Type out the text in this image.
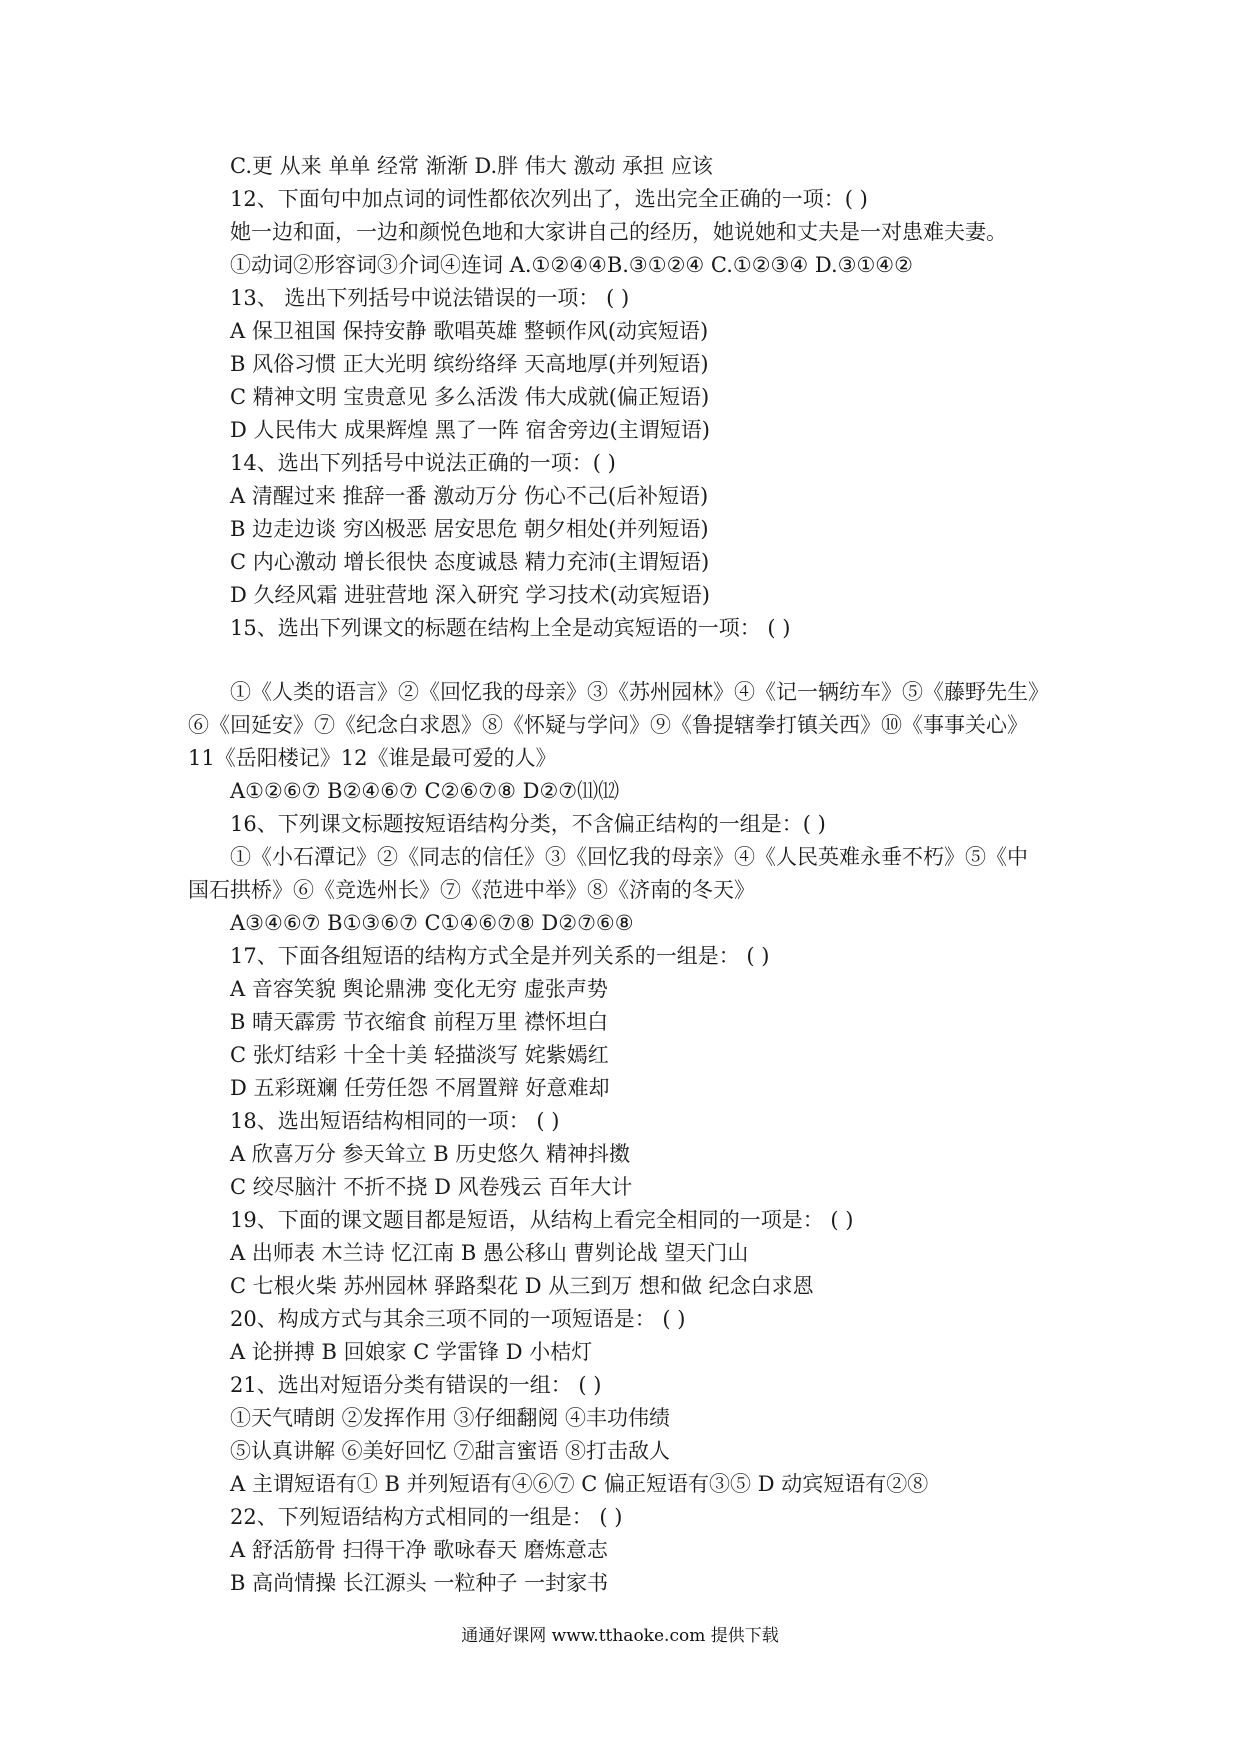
C.更 从来 单单 经常 渐渐 D.胖 伟大 激动 承担 应该
12、下面句中加点词的词性都依次列出了，选出完全正确的一项：( )
她一边和面，一边和颜悦色地和大家讲自己的经历，她说她和丈夫是一对患难夫妻。
①动词②形容词③介词④连词 A.①②④④B.③①②④ C.①②③④ D.③①④②
13、 选出下列括号中说法错误的一项： ( )
A 保卫祖国 保持安静 歌唱英雄 整顿作风(动宾短语)
B 风俗习惯 正大光明 缤纷络绎 天高地厚(并列短语)
C 精神文明 宝贵意见 多么活泼 伟大成就(偏正短语)
D 人民伟大 成果辉煌 黑了一阵 宿舍旁边(主谓短语)
14、选出下列括号中说法正确的一项：( )
A 清醒过来 推辞一番 激动万分 伤心不己(后补短语)
B 边走边谈 穷凶极恶 居安思危 朝夕相处(并列短语)
C 内心激动 增长很快 态度诚恳 精力充沛(主谓短语)
D 久经风霜 进驻营地 深入研究 学习技术(动宾短语)
15、选出下列课文的标题在结构上全是动宾短语的一项： ( )
①《人类的语言》②《回忆我的母亲》③《苏州园林》④《记一辆纺车》⑤《藤野先生》
⑥《回延安》⑦《纪念白求恩》⑧《怀疑与学问》⑨《鲁提辖拳打镇关西》⑩《事事关心》
11《岳阳楼记》12《谁是最可爱的人》
A①②⑥⑦ B②④⑥⑦ C②⑥⑦⑧ D②⑦⑾⑿
16、下列课文标题按短语结构分类，不含偏正结构的一组是：( )
①《小石潭记》②《同志的信任》③《回忆我的母亲》④《人民英难永垂不朽》⑤《中
国石拱桥》⑥《竞选州长》⑦《范进中举》⑧《济南的冬天》
A③④⑥⑦ B①③⑥⑦ C①④⑥⑦⑧ D②⑦⑥⑧
17、下面各组短语的结构方式全是并列关系的一组是： ( )
A 音容笑貌 舆论鼎沸 变化无穷 虚张声势
B 晴天霹雳 节衣缩食 前程万里 襟怀坦白
C 张灯结彩 十全十美 轻描淡写 姹紫嫣红
D 五彩斑斓 任劳任怨 不屑置辩 好意难却
18、选出短语结构相同的一项： ( )
A 欣喜万分 参天耸立 B 历史悠久 精神抖擞
C 绞尽脑汁 不折不挠 D 风卷残云 百年大计
19、下面的课文题目都是短语，从结构上看完全相同的一项是： ( )
A 出师表 木兰诗 忆江南 B 愚公移山 曹刿论战 望天门山
C 七根火柴 苏州园林 驿路梨花 D 从三到万 想和做 纪念白求恩
20、构成方式与其余三项不同的一项短语是： ( )
A 论拼搏 B 回娘家 C 学雷锋 D 小桔灯
21、选出对短语分类有错误的一组： ( )
①天气晴朗 ②发挥作用 ③仔细翻阅 ④丰功伟绩
⑤认真讲解 ⑥美好回忆 ⑦甜言蜜语 ⑧打击敌人
A 主谓短语有① B 并列短语有④⑥⑦ C 偏正短语有③⑤ D 动宾短语有②⑧
22、下列短语结构方式相同的一组是： ( )
A 舒活筋骨 扫得干净 歌咏春天 磨炼意志
B 高尚情操 长江源头 一粒种子 一封家书
通通好课网 www.tthaoke.com 提供下载
